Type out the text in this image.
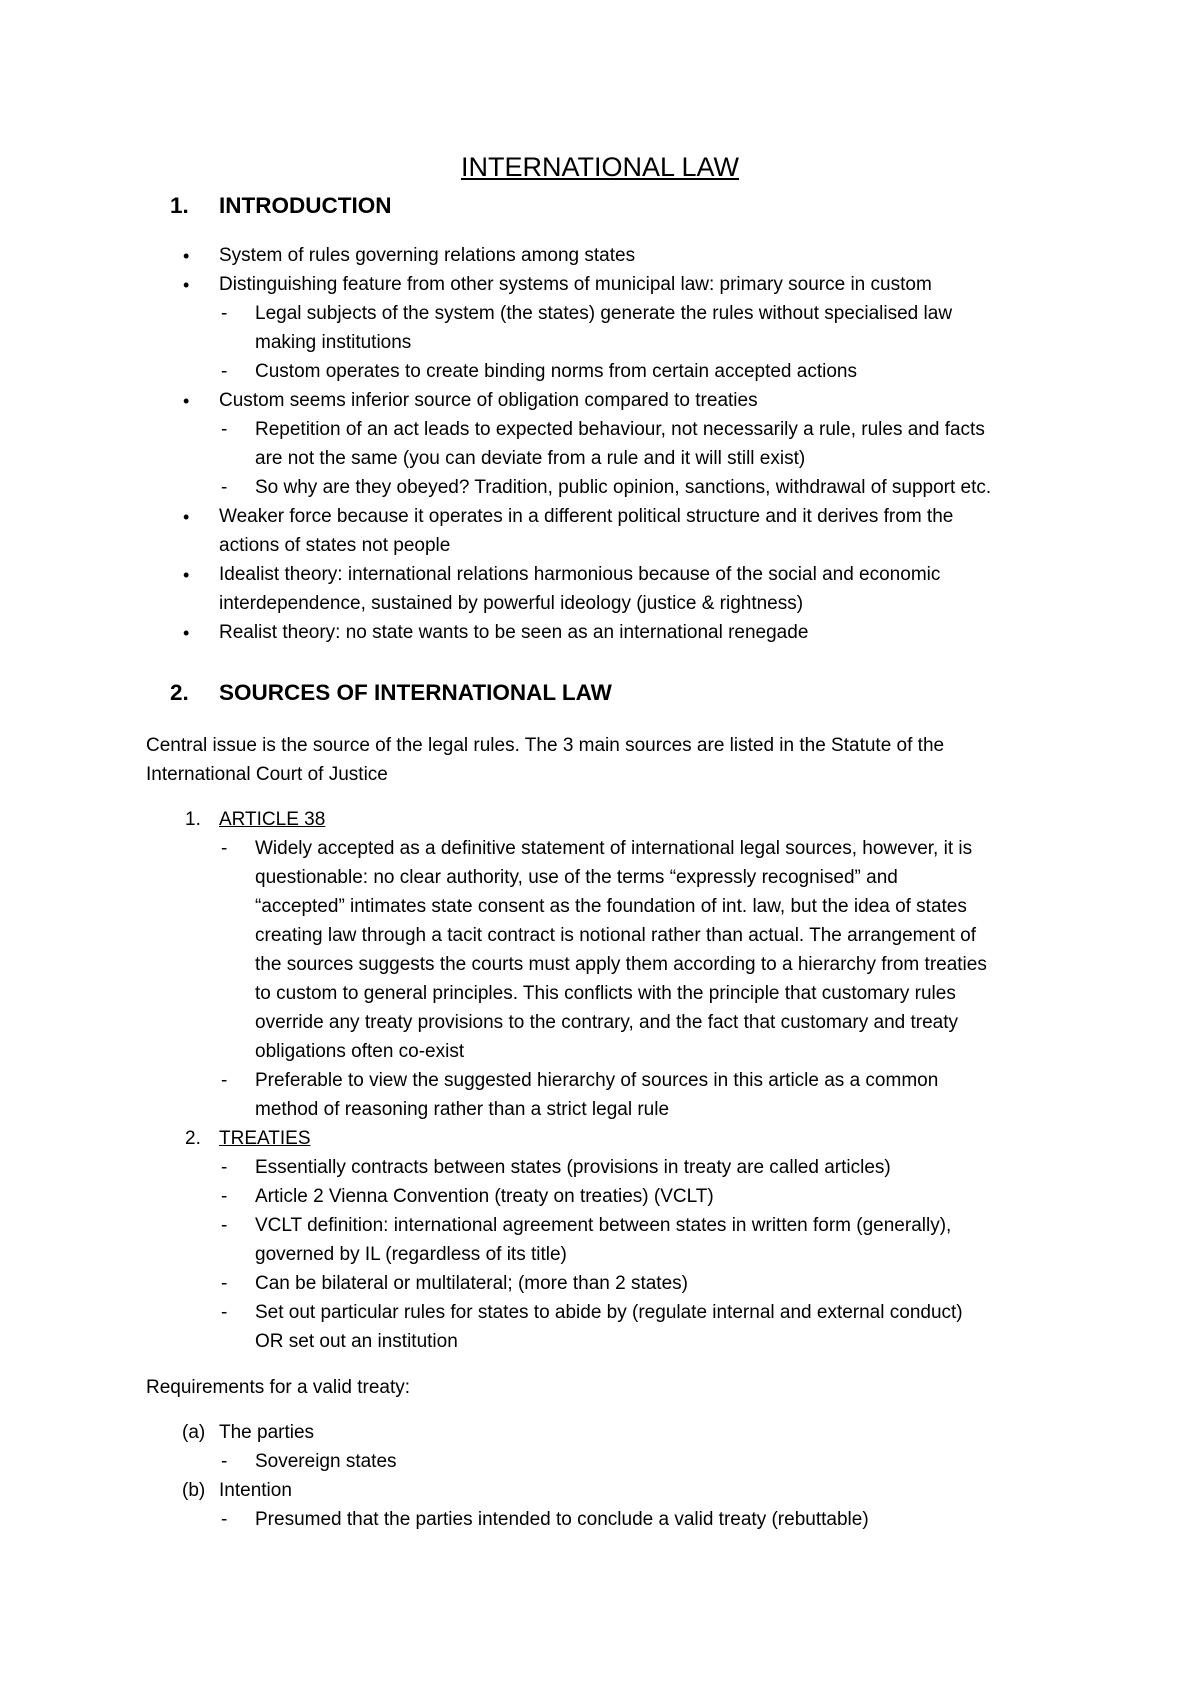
INTERNATIONAL LAW
1. INTRODUCTION
• System of rules governing relations among states
• Distinguishing feature from other systems of municipal law: primary source in custom
- Legal subjects of the system (the states) generate the rules without specialised law
making institutions
- Custom operates to create binding norms from certain accepted actions
• Custom seems inferior source of obligation compared to treaties
- Repetition of an act leads to expected behaviour, not necessarily a rule, rules and facts
are not the same (you can deviate from a rule and it will still exist)
- So why are they obeyed? Tradition, public opinion, sanctions, withdrawal of support etc.
• Weaker force because it operates in a different political structure and it derives from the
actions of states not people
• Idealist theory: international relations harmonious because of the social and economic
interdependence, sustained by powerful ideology (justice & rightness)
• Realist theory: no state wants to be seen as an international renegade
2. SOURCES OF INTERNATIONAL LAW
Central issue is the source of the legal rules. The 3 main sources are listed in the Statute of the
International Court of Justice
1. ARTICLE 38
- Widely accepted as a definitive statement of international legal sources, however, it is
questionable: no clear authority, use of the terms “expressly recognised” and
“accepted” intimates state consent as the foundation of int. law, but the idea of states
creating law through a tacit contract is notional rather than actual. The arrangement of
the sources suggests the courts must apply them according to a hierarchy from treaties
to custom to general principles. This conflicts with the principle that customary rules
override any treaty provisions to the contrary, and the fact that customary and treaty
obligations often co-exist
- Preferable to view the suggested hierarchy of sources in this article as a common
method of reasoning rather than a strict legal rule
2. TREATIES
- Essentially contracts between states (provisions in treaty are called articles)
- Article 2 Vienna Convention (treaty on treaties) (VCLT)
- VCLT definition: international agreement between states in written form (generally),
governed by IL (regardless of its title)
- Can be bilateral or multilateral; (more than 2 states)
- Set out particular rules for states to abide by (regulate internal and external conduct)
OR set out an institution
Requirements for a valid treaty:
(a) The parties
- Sovereign states
(b) Intention
- Presumed that the parties intended to conclude a valid treaty (rebuttable)
